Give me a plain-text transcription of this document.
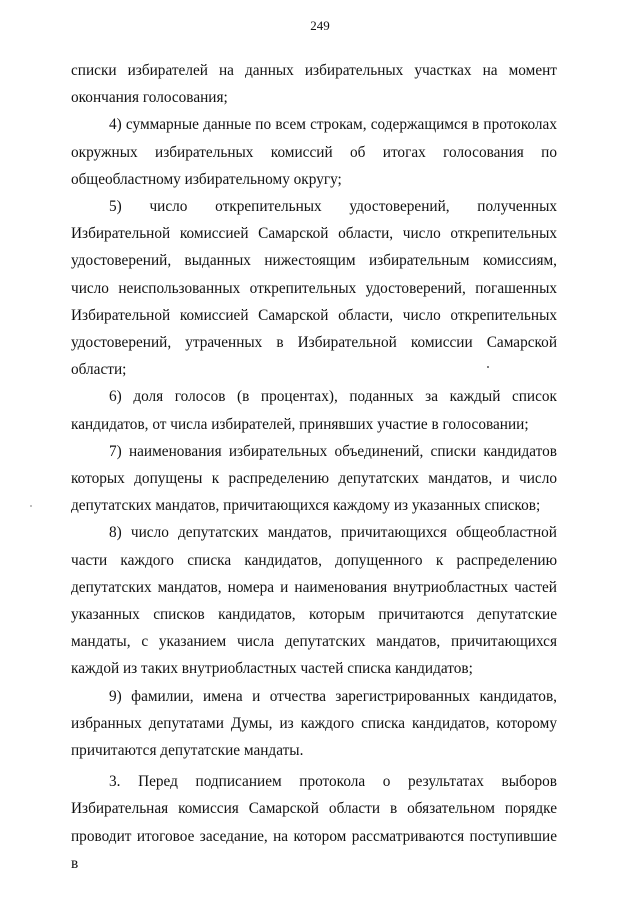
249

списки избирателей на данных избирательных участках на момент окончания голосования;

4) суммарные данные по всем строкам, содержащимся в протоколах окружных избирательных комиссий об итогах голосования по общеобластному избирательному округу;

5) число открепительных удостоверений, полученных Избирательной комиссией Самарской области, число открепительных удостоверений, выданных нижестоящим избирательным комиссиям, число неиспользованных открепительных удостоверений, погашенных Избирательной комиссией Самарской области, число открепительных удостоверений, утраченных в Избирательной комиссии Самарской области;

6) доля голосов (в процентах), поданных за каждый список кандидатов, от числа избирателей, принявших участие в голосовании;

7) наименования избирательных объединений, списки кандидатов которых допущены к распределению депутатских мандатов, и число депутатских мандатов, причитающихся каждому из указанных списков;

8) число депутатских мандатов, причитающихся общеобластной части каждого списка кандидатов, допущенного к распределению депутатских мандатов, номера и наименования внутриобластных частей указанных списков кандидатов, которым причитаются депутатские мандаты, с указанием числа депутатских мандатов, причитающихся каждой из таких внутриобластных частей списка кандидатов;

9) фамилии, имена и отчества зарегистрированных кандидатов, избранных депутатами Думы, из каждого списка кандидатов, которому причитаются депутатские мандаты.

3. Перед подписанием протокола о результатах выборов Избирательная комиссия Самарской области в обязательном порядке проводит итоговое заседание, на котором рассматриваются поступившие в
